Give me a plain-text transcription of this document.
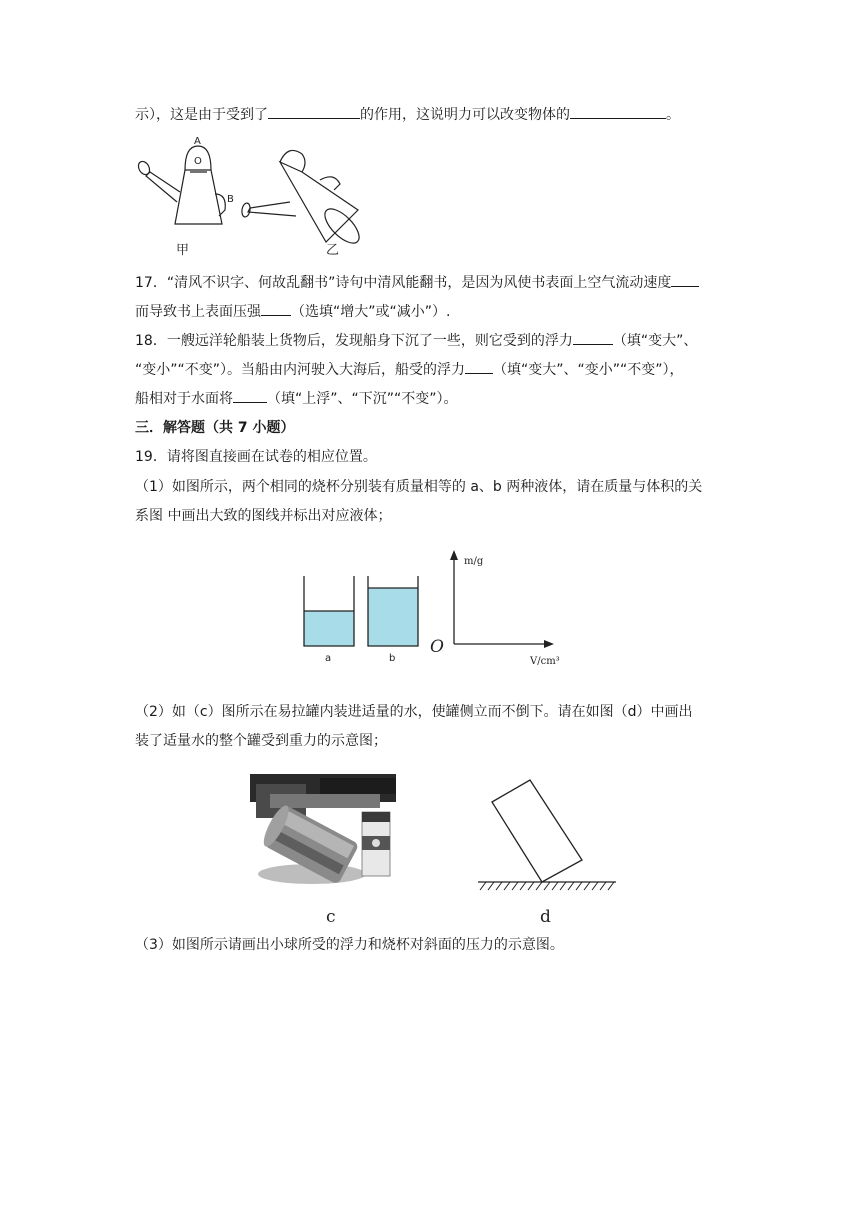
示），这是由于受到了	的作用，这说明力可以改变物体的	。
A
B
O
甲	乙
17．“清风不识字、何故乱翻书”诗句中清风能翻书，是因为风使书表面上空气流动速度
而导致书上表面压强 （选填“增大”或“减小”）.
18．一艘远洋轮船装上货物后，发现船身下沉了一些，则它受到的浮力	（填“变大”、
“变小”“不变”）。当船由内河驶入大海后，船受的浮力 （填“变大”、“变小”“不变”），
船相对于水面将 （填“上浮”、“下沉”“不变”）。
三．解答题（共 7 小题）
19．请将图直接画在试卷的相应位置。
（1）如图所示，两个相同的烧杯分别装有质量相等的 a、b 两种液体，请在质量与体积的关
系图 中画出大致的图线并标出对应液体；
a	b
O
m/g
V/cm³
（2）如（c）图所示在易拉罐内装进适量的水，使罐侧立而不倒下。请在如图（d）中画出
装了适量水的整个罐受到重力的示意图；
c	d
（3）如图所示请画出小球所受的浮力和烧杯对斜面的压力的示意图。
